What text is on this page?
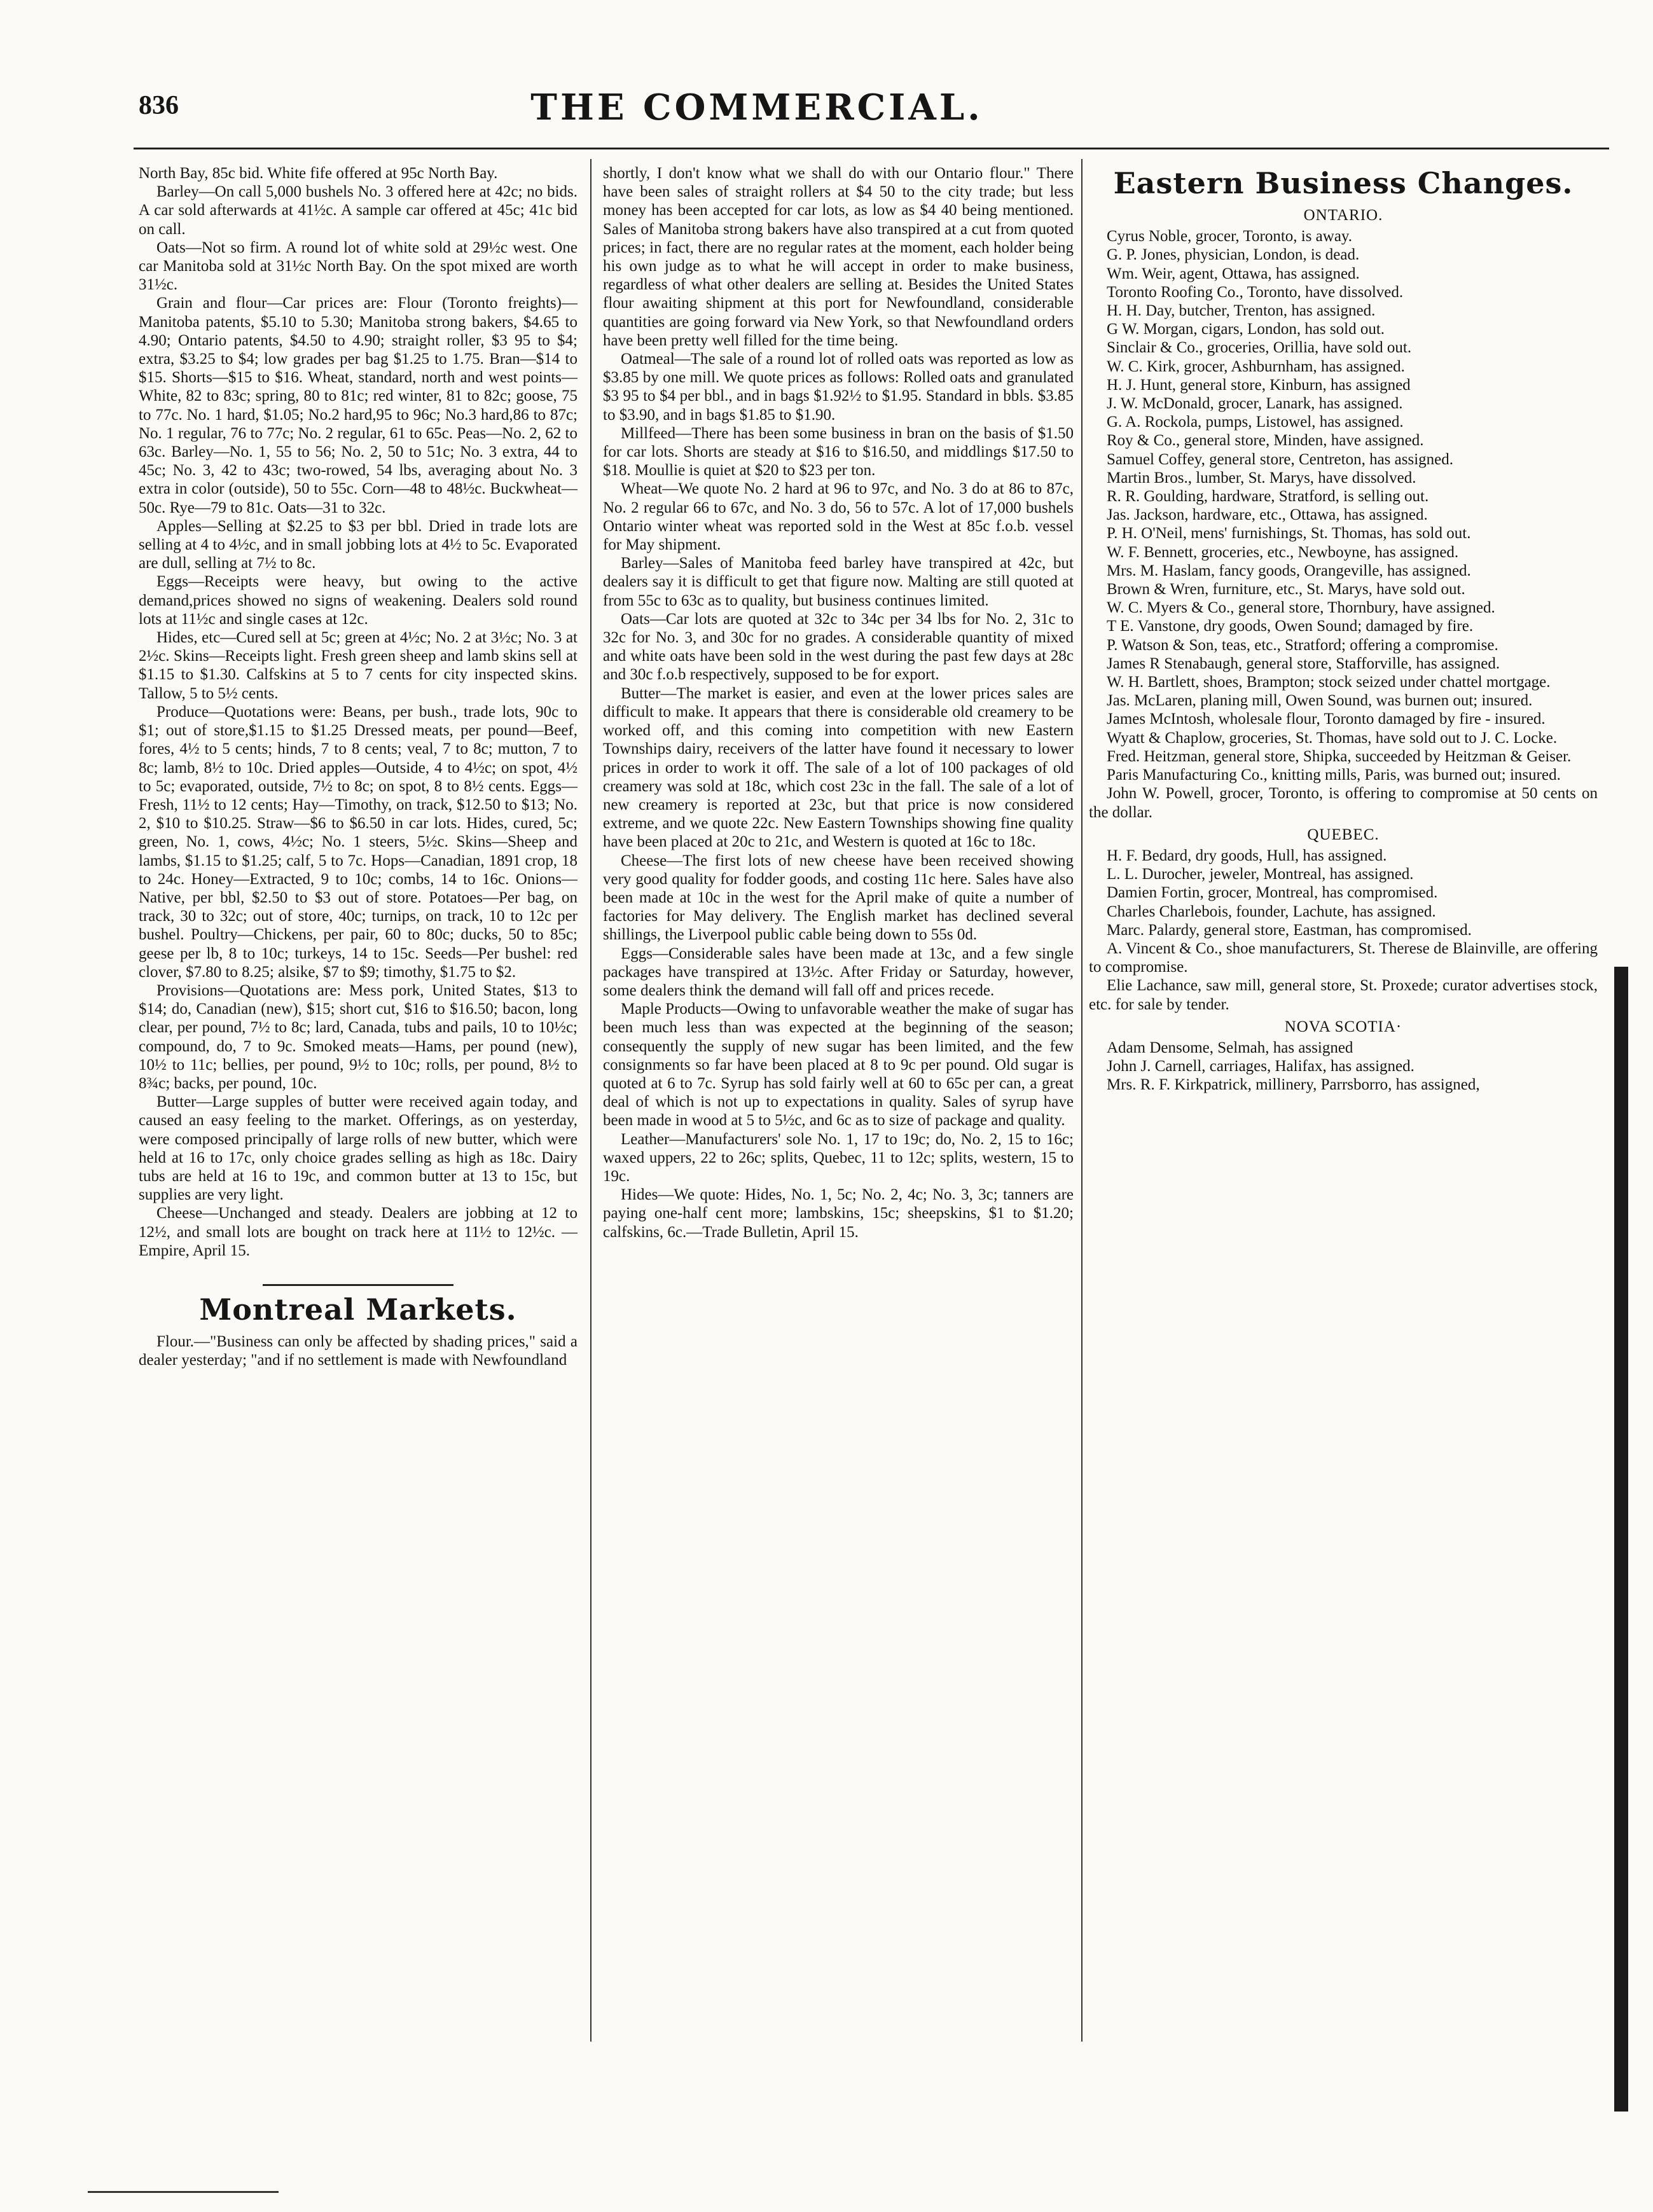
836	THE COMMERCIAL.

North Bay, 85c bid. White fife offered at 95c North Bay.

Barley—On call 5,000 bushels No. 3 offered here at 42c; no bids. A car sold afterwards at 41½c. A sample car offered at 45c; 41c bid on call.

Oats—Not so firm. A round lot of white sold at 29½c west. One car Manitoba sold at 31½c North Bay. On the spot mixed are worth 31½c.

Grain and flour—Car prices are: Flour (Toronto freights)—Manitoba patents, $5.10 to 5.30; Manitoba strong bakers, $4.65 to 4.90; Ontario patents, $4.50 to 4.90; straight roller, $3 95 to $4; extra, $3.25 to $4; low grades per bag $1.25 to 1.75. Bran—$14 to $15. Shorts—$15 to $16. Wheat, standard, north and west points—White, 82 to 83c; spring, 80 to 81c; red winter, 81 to 82c; goose, 75 to 77c. No. 1 hard, $1.05; No.2 hard,95 to 96c; No.3 hard,86 to 87c; No. 1 regular, 76 to 77c; No. 2 regular, 61 to 65c. Peas—No. 2, 62 to 63c. Barley—No. 1, 55 to 56; No. 2, 50 to 51c; No. 3 extra, 44 to 45c; No. 3, 42 to 43c; two-rowed, 54 lbs, averaging about No. 3 extra in color (outside), 50 to 55c. Corn—48 to 48½c. Buckwheat—50c. Rye—79 to 81c. Oats—31 to 32c.

Apples—Selling at $2.25 to $3 per bbl. Dried in trade lots are selling at 4 to 4½c, and in small jobbing lots at 4½ to 5c. Evaporated are dull, selling at 7½ to 8c.

Eggs—Receipts were heavy, but owing to the active demand,prices showed no signs of weakening. Dealers sold round lots at 11½c and single cases at 12c.

Hides, etc—Cured sell at 5c; green at 4½c; No. 2 at 3½c; No. 3 at 2½c. Skins—Receipts light. Fresh green sheep and lamb skins sell at $1.15 to $1.30. Calfskins at 5 to 7 cents for city inspected skins. Tallow, 5 to 5½ cents.

Produce—Quotations were: Beans, per bush., trade lots, 90c to $1; out of store,$1.15 to $1.25 Dressed meats, per pound—Beef, fores, 4½ to 5 cents; hinds, 7 to 8 cents; veal, 7 to 8c; mutton, 7 to 8c; lamb, 8½ to 10c. Dried apples—Outside, 4 to 4½c; on spot, 4½ to 5c; evaporated, outside, 7½ to 8c; on spot, 8 to 8½ cents. Eggs—Fresh, 11½ to 12 cents; Hay—Timothy, on track, $12.50 to $13; No. 2, $10 to $10.25. Straw—$6 to $6.50 in car lots. Hides, cured, 5c; green, No. 1, cows, 4½c; No. 1 steers, 5½c. Skins—Sheep and lambs, $1.15 to $1.25; calf, 5 to 7c. Hops—Canadian, 1891 crop, 18 to 24c. Honey—Extracted, 9 to 10c; combs, 14 to 16c. Onions—Native, per bbl, $2.50 to $3 out of store. Potatoes—Per bag, on track, 30 to 32c; out of store, 40c; turnips, on track, 10 to 12c per bushel. Poultry—Chickens, per pair, 60 to 80c; ducks, 50 to 85c; geese per lb, 8 to 10c; turkeys, 14 to 15c. Seeds—Per bushel: red clover, $7.80 to 8.25; alsike, $7 to $9; timothy, $1.75 to $2.

Provisions—Quotations are: Mess pork, United States, $13 to $14; do, Canadian (new), $15; short cut, $16 to $16.50; bacon, long clear, per pound, 7½ to 8c; lard, Canada, tubs and pails, 10 to 10½c; compound, do, 7 to 9c. Smoked meats—Hams, per pound (new), 10½ to 11c; bellies, per pound, 9½ to 10c; rolls, per pound, 8½ to 8¾c; backs, per pound, 10c.

Butter—Large supples of butter were received again today, and caused an easy feeling to the market. Offerings, as on yesterday, were composed principally of large rolls of new butter, which were held at 16 to 17c, only choice grades selling as high as 18c. Dairy tubs are held at 16 to 19c, and common butter at 13 to 15c, but supplies are very light.

Cheese—Unchanged and steady. Dealers are jobbing at 12 to 12½, and small lots are bought on track here at 11½ to 12½c. —Empire, April 15.

Montreal Markets.

Flour.—"Business can only be affected by shading prices," said a dealer yesterday; "and if no settlement is made with Newfoundland

shortly, I don't know what we shall do with our Ontario flour." There have been sales of straight rollers at $4 50 to the city trade; but less money has been accepted for car lots, as low as $4 40 being mentioned. Sales of Manitoba strong bakers have also transpired at a cut from quoted prices; in fact, there are no regular rates at the moment, each holder being his own judge as to what he will accept in order to make business, regardless of what other dealers are selling at. Besides the United States flour awaiting shipment at this port for Newfoundland, considerable quantities are going forward via New York, so that Newfoundland orders have been pretty well filled for the time being.

Oatmeal—The sale of a round lot of rolled oats was reported as low as $3.85 by one mill. We quote prices as follows: Rolled oats and granulated $3 95 to $4 per bbl., and in bags $1.92½ to $1.95. Standard in bbls. $3.85 to $3.90, and in bags $1.85 to $1.90.

Millfeed—There has been some business in bran on the basis of $1.50 for car lots. Shorts are steady at $16 to $16.50, and middlings $17.50 to $18. Moullie is quiet at $20 to $23 per ton.

Wheat—We quote No. 2 hard at 96 to 97c, and No. 3 do at 86 to 87c, No. 2 regular 66 to 67c, and No. 3 do, 56 to 57c. A lot of 17,000 bushels Ontario winter wheat was reported sold in the West at 85c f.o.b. vessel for May shipment.

Barley—Sales of Manitoba feed barley have transpired at 42c, but dealers say it is difficult to get that figure now. Malting are still quoted at from 55c to 63c as to quality, but business continues limited.

Oats—Car lots are quoted at 32c to 34c per 34 lbs for No. 2, 31c to 32c for No. 3, and 30c for no grades. A considerable quantity of mixed and white oats have been sold in the west during the past few days at 28c and 30c f.o.b respectively, supposed to be for export.

Butter—The market is easier, and even at the lower prices sales are difficult to make. It appears that there is considerable old creamery to be worked off, and this coming into competition with new Eastern Townships dairy, receivers of the latter have found it necessary to lower prices in order to work it off. The sale of a lot of 100 packages of old creamery was sold at 18c, which cost 23c in the fall. The sale of a lot of new creamery is reported at 23c, but that price is now considered extreme, and we quote 22c. New Eastern Townships showing fine quality have been placed at 20c to 21c, and Western is quoted at 16c to 18c.

Cheese—The first lots of new cheese have been received showing very good quality for fodder goods, and costing 11c here. Sales have also been made at 10c in the west for the April make of quite a number of factories for May delivery. The English market has declined several shillings, the Liverpool public cable being down to 55s 0d.

Eggs—Considerable sales have been made at 13c, and a few single packages have transpired at 13½c. After Friday or Saturday, however, some dealers think the demand will fall off and prices recede.

Maple Products—Owing to unfavorable weather the make of sugar has been much less than was expected at the beginning of the season; consequently the supply of new sugar has been limited, and the few consignments so far have been placed at 8 to 9c per pound. Old sugar is quoted at 6 to 7c. Syrup has sold fairly well at 60 to 65c per can, a great deal of which is not up to expectations in quality. Sales of syrup have been made in wood at 5 to 5½c, and 6c as to size of package and quality.

Leather—Manufacturers' sole No. 1, 17 to 19c; do, No. 2, 15 to 16c; waxed uppers, 22 to 26c; splits, Quebec, 11 to 12c; splits, western, 15 to 19c.

Hides—We quote: Hides, No. 1, 5c; No. 2, 4c; No. 3, 3c; tanners are paying one-half cent more; lambskins, 15c; sheepskins, $1 to $1.20; calfskins, 6c.—Trade Bulletin, April 15.

Eastern Business Changes.
ONTARIO.

Cyrus Noble, grocer, Toronto, is away.

G. P. Jones, physician, London, is dead.

Wm. Weir, agent, Ottawa, has assigned.

Toronto Roofing Co., Toronto, have dissolved.

H. H. Day, butcher, Trenton, has assigned.

G W. Morgan, cigars, London, has sold out.

Sinclair & Co., groceries, Orillia, have sold out.

W. C. Kirk, grocer, Ashburnham, has assigned.

H. J. Hunt, general store, Kinburn, has assigned

J. W. McDonald, grocer, Lanark, has assigned.

G. A. Rockola, pumps, Listowel, has assigned.

Roy & Co., general store, Minden, have assigned.

Samuel Coffey, general store, Centreton, has assigned.

Martin Bros., lumber, St. Marys, have dissolved.

R. R. Goulding, hardware, Stratford, is selling out.

Jas. Jackson, hardware, etc., Ottawa, has assigned.

P. H. O'Neil, mens' furnishings, St. Thomas, has sold out.

W. F. Bennett, groceries, etc., Newboyne, has assigned.

Mrs. M. Haslam, fancy goods, Orangeville, has assigned.

Brown & Wren, furniture, etc., St. Marys, have sold out.

W. C. Myers & Co., general store, Thornbury, have assigned.

T E. Vanstone, dry goods, Owen Sound; damaged by fire.

P. Watson & Son, teas, etc., Stratford; offering a compromise.

James R Stenabaugh, general store, Stafforville, has assigned.

W. H. Bartlett, shoes, Brampton; stock seized under chattel mortgage.

Jas. McLaren, planing mill, Owen Sound, was burnen out; insured.

James McIntosh, wholesale flour, Toronto damaged by fire - insured.

Wyatt & Chaplow, groceries, St. Thomas, have sold out to J. C. Locke.

Fred. Heitzman, general store, Shipka, succeeded by Heitzman & Geiser.

Paris Manufacturing Co., knitting mills, Paris, was burned out; insured.

John W. Powell, grocer, Toronto, is offering to compromise at 50 cents on the dollar.

QUEBEC.

H. F. Bedard, dry goods, Hull, has assigned.

L. L. Durocher, jeweler, Montreal, has assigned.

Damien Fortin, grocer, Montreal, has compromised.

Charles Charlebois, founder, Lachute, has assigned.

Marc. Palardy, general store, Eastman, has compromised.

A. Vincent & Co., shoe manufacturers, St. Therese de Blainville, are offering to compromise.

Elie Lachance, saw mill, general store, St. Proxede; curator advertises stock, etc. for sale by tender.

NOVA SCOTIA·

Adam Densome, Selmah, has assigned

John J. Carnell, carriages, Halifax, has assigned.

Mrs. R. F. Kirkpatrick, millinery, Parrsborro, has assigned,
